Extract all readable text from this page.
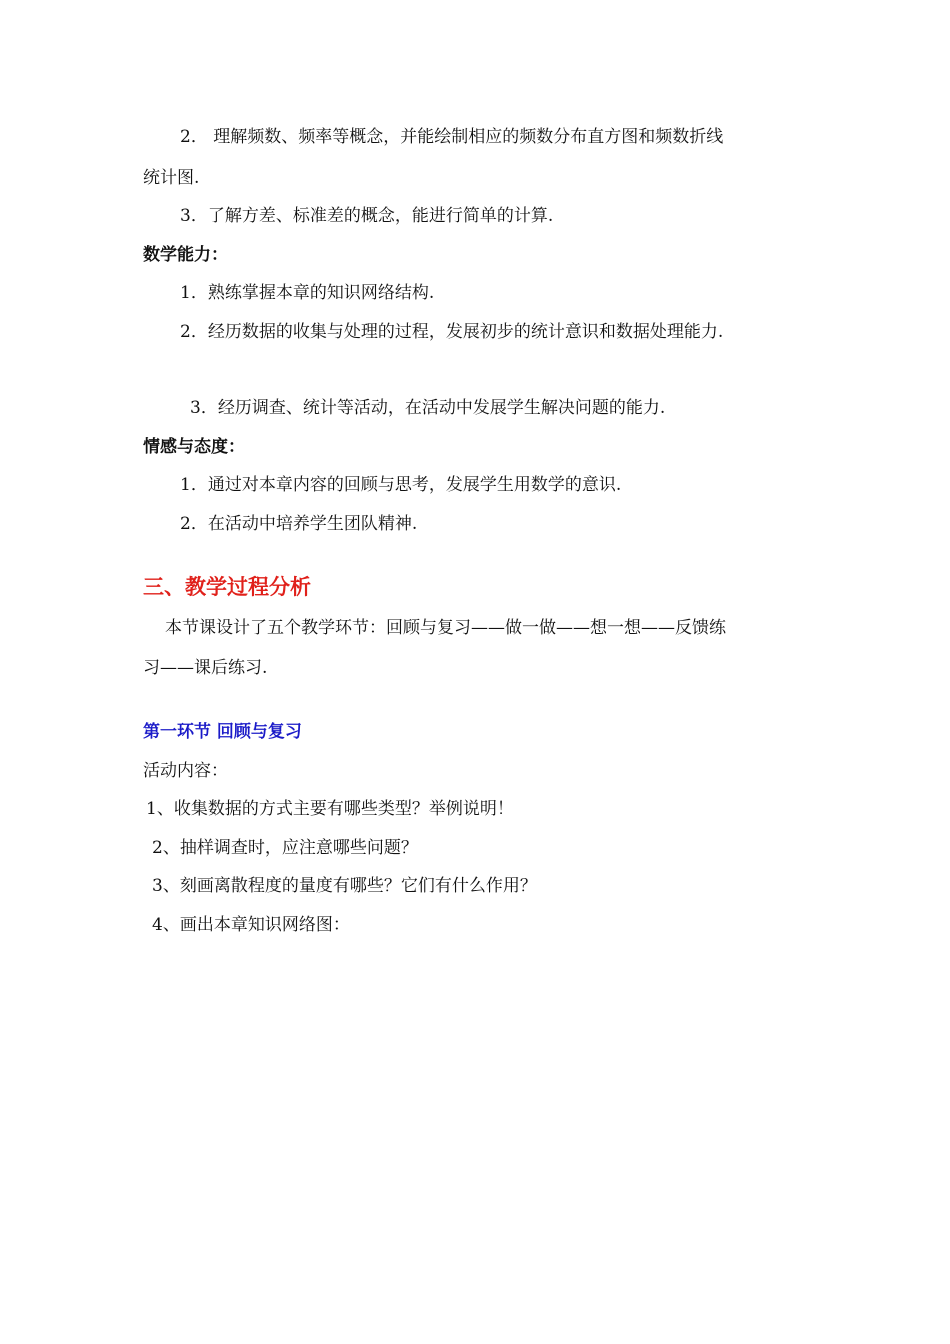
2． 理解频数、频率等概念，并能绘制相应的频数分布直方图和频数折线
统计图.
3．了解方差、标准差的概念，能进行简单的计算.
数学能力：
1．熟练掌握本章的知识网络结构.
2．经历数据的收集与处理的过程，发展初步的统计意识和数据处理能力.
3．经历调查、统计等活动，在活动中发展学生解决问题的能力.
情感与态度：
1．通过对本章内容的回顾与思考，发展学生用数学的意识.
2．在活动中培养学生团队精神.
三、教学过程分析
本节课设计了五个教学环节：回顾与复习——做一做——想一想——反馈练
习——课后练习.
第一环节 回顾与复习
活动内容：
1、收集数据的方式主要有哪些类型？举例说明！
2、抽样调查时，应注意哪些问题？
3、刻画离散程度的量度有哪些？它们有什么作用？
4、画出本章知识网络图：
